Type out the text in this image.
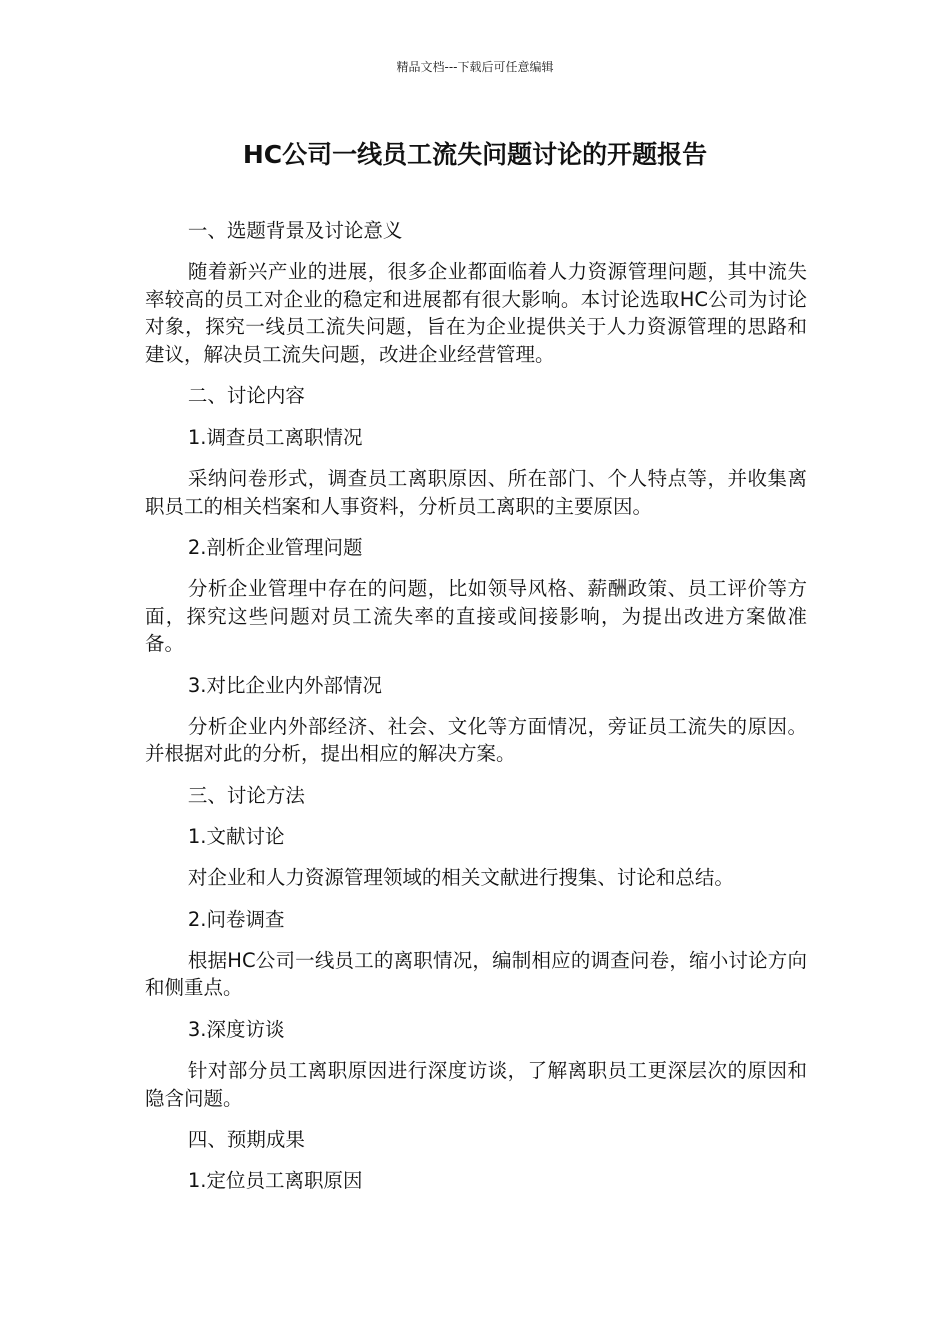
精品文档---下载后可任意编辑
HC公司一线员工流失问题讨论的开题报告

一、选题背景及讨论意义

随着新兴产业的进展，很多企业都面临着人力资源管理问题，其中流失率较高的员工对企业的稳定和进展都有很大影响。本讨论选取HC公司为讨论对象，探究一线员工流失问题，旨在为企业提供关于人力资源管理的思路和建议，解决员工流失问题，改进企业经营管理。

二、讨论内容

1.调查员工离职情况

采纳问卷形式，调查员工离职原因、所在部门、个人特点等，并收集离职员工的相关档案和人事资料，分析员工离职的主要原因。

2.剖析企业管理问题

分析企业管理中存在的问题，比如领导风格、薪酬政策、员工评价等方面，探究这些问题对员工流失率的直接或间接影响，为提出改进方案做准备。

3.对比企业内外部情况

分析企业内外部经济、社会、文化等方面情况，旁证员工流失的原因。并根据对此的分析，提出相应的解决方案。

三、讨论方法

1.文献讨论

对企业和人力资源管理领域的相关文献进行搜集、讨论和总结。

2.问卷调查

根据HC公司一线员工的离职情况，编制相应的调查问卷，缩小讨论方向和侧重点。

3.深度访谈

针对部分员工离职原因进行深度访谈，了解离职员工更深层次的原因和隐含问题。

四、预期成果

1.定位员工离职原因
